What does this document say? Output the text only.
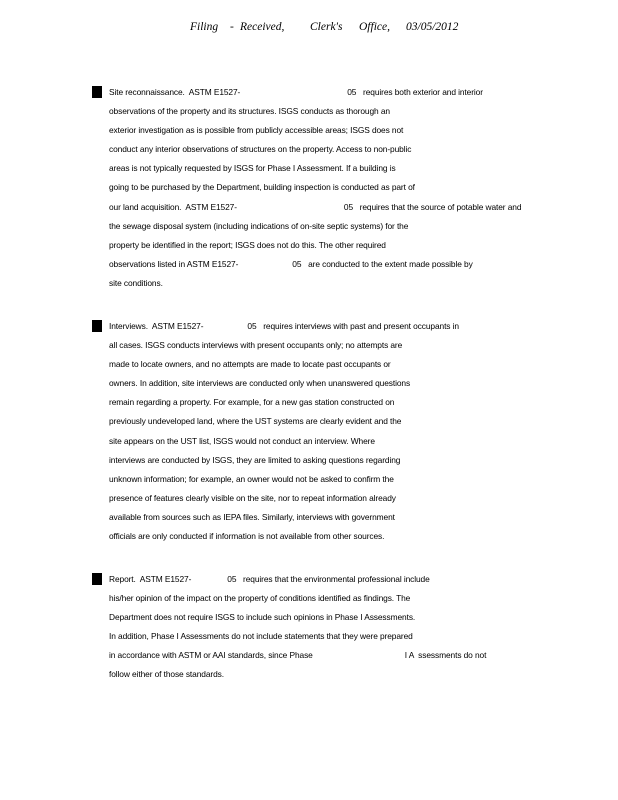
Filing - Received, Clerk's Office, 03/05/2012
Site reconnaissance.  ASTM E1527-	05   requires both exterior and interior
observations of the property and its structures. ISGS conducts as thorough an
exterior investigation as is possible from publicly accessible areas; ISGS does not
conduct any interior observations of structures on the property. Access to non-public
areas is not typically requested by ISGS for Phase I Assessment. If a building is
going to be purchased by the Department, building inspection is conducted as part of
our land acquisition.  ASTM E1527-	05   requires that the source of potable water and
the sewage disposal system (including indications of on-site septic systems) for the
property be identified in the report; ISGS does not do this. The other required
observations listed in ASTM E1527-	05   are conducted to the extent made possible by
site conditions.
Interviews.  ASTM E1527-	05   requires interviews with past and present occupants in
all cases. ISGS conducts interviews with present occupants only; no attempts are
made to locate owners, and no attempts are made to locate past occupants or
owners. In addition, site interviews are conducted only when unanswered questions
remain regarding a property. For example, for a new gas station constructed on
previously undeveloped land, where the UST systems are clearly evident and the
site appears on the UST list, ISGS would not conduct an interview. Where
interviews are conducted by ISGS, they are limited to asking questions regarding
unknown information; for example, an owner would not be asked to confirm the
presence of features clearly visible on the site, nor to repeat information already
available from sources such as IEPA files. Similarly, interviews with government
officials are only conducted if information is not available from other sources.
Report.  ASTM E1527-	05   requires that the environmental professional include
his/her opinion of the impact on the property of conditions identified as findings. The
Department does not require ISGS to include such opinions in Phase I Assessments.
In addition, Phase I Assessments do not include statements that they were prepared
in accordance with ASTM or AAI standards, since Phase	I A  ssessments do not
follow either of those standards.
